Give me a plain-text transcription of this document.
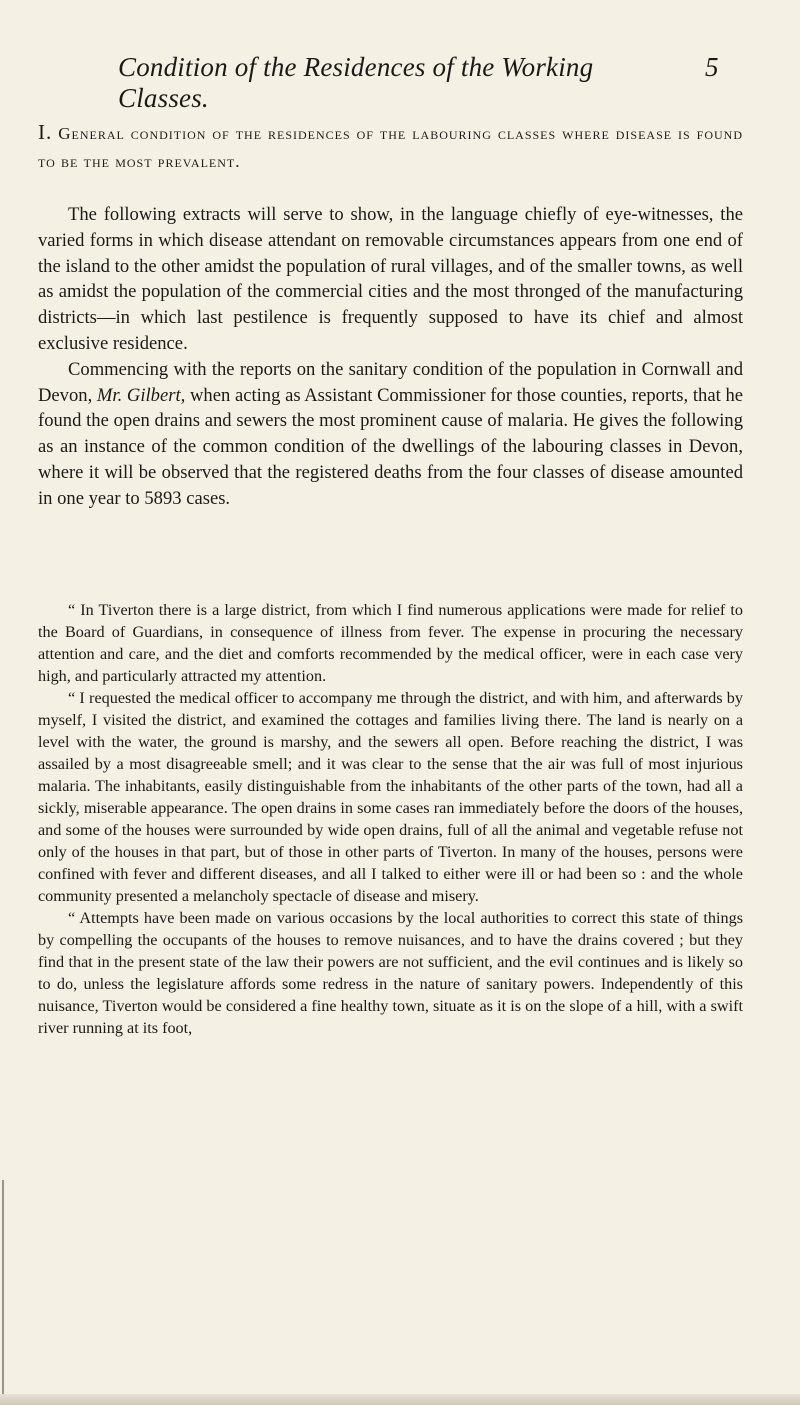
Condition of the Residences of the Working Classes.
5
I. General condition of the residences of the labouring classes where disease is found to be the most prevalent.

The following extracts will serve to show, in the language chiefly of eye-witnesses, the varied forms in which disease attendant on removable circumstances appears from one end of the island to the other amidst the population of rural villages, and of the smaller towns, as well as amidst the population of the commercial cities and the most thronged of the manufacturing districts—in which last pestilence is frequently supposed to have its chief and almost exclusive residence.

Commencing with the reports on the sanitary condition of the population in Cornwall and Devon, Mr. Gilbert, when acting as Assistant Commissioner for those counties, reports, that he found the open drains and sewers the most prominent cause of malaria. He gives the following as an instance of the common condition of the dwellings of the labouring classes in Devon, where it will be observed that the registered deaths from the four classes of disease amounted in one year to 5893 cases.

“ In Tiverton there is a large district, from which I find numerous applications were made for relief to the Board of Guardians, in consequence of illness from fever. The expense in procuring the necessary attention and care, and the diet and comforts recommended by the medical officer, were in each case very high, and particularly attracted my attention.

“ I requested the medical officer to accompany me through the district, and with him, and afterwards by myself, I visited the district, and examined the cottages and families living there. The land is nearly on a level with the water, the ground is marshy, and the sewers all open. Before reaching the district, I was assailed by a most disagreeable smell; and it was clear to the sense that the air was full of most injurious malaria. The inhabitants, easily distinguishable from the inhabitants of the other parts of the town, had all a sickly, miserable appearance. The open drains in some cases ran immediately before the doors of the houses, and some of the houses were surrounded by wide open drains, full of all the animal and vegetable refuse not only of the houses in that part, but of those in other parts of Tiverton. In many of the houses, persons were confined with fever and different diseases, and all I talked to either were ill or had been so : and the whole community presented a melancholy spectacle of disease and misery.

“ Attempts have been made on various occasions by the local authorities to correct this state of things by compelling the occupants of the houses to remove nuisances, and to have the drains covered ; but they find that in the present state of the law their powers are not sufficient, and the evil continues and is likely so to do, unless the legislature affords some redress in the nature of sanitary powers. Independently of this nuisance, Tiverton would be considered a fine healthy town, situate as it is on the slope of a hill, with a swift river running at its foot,
